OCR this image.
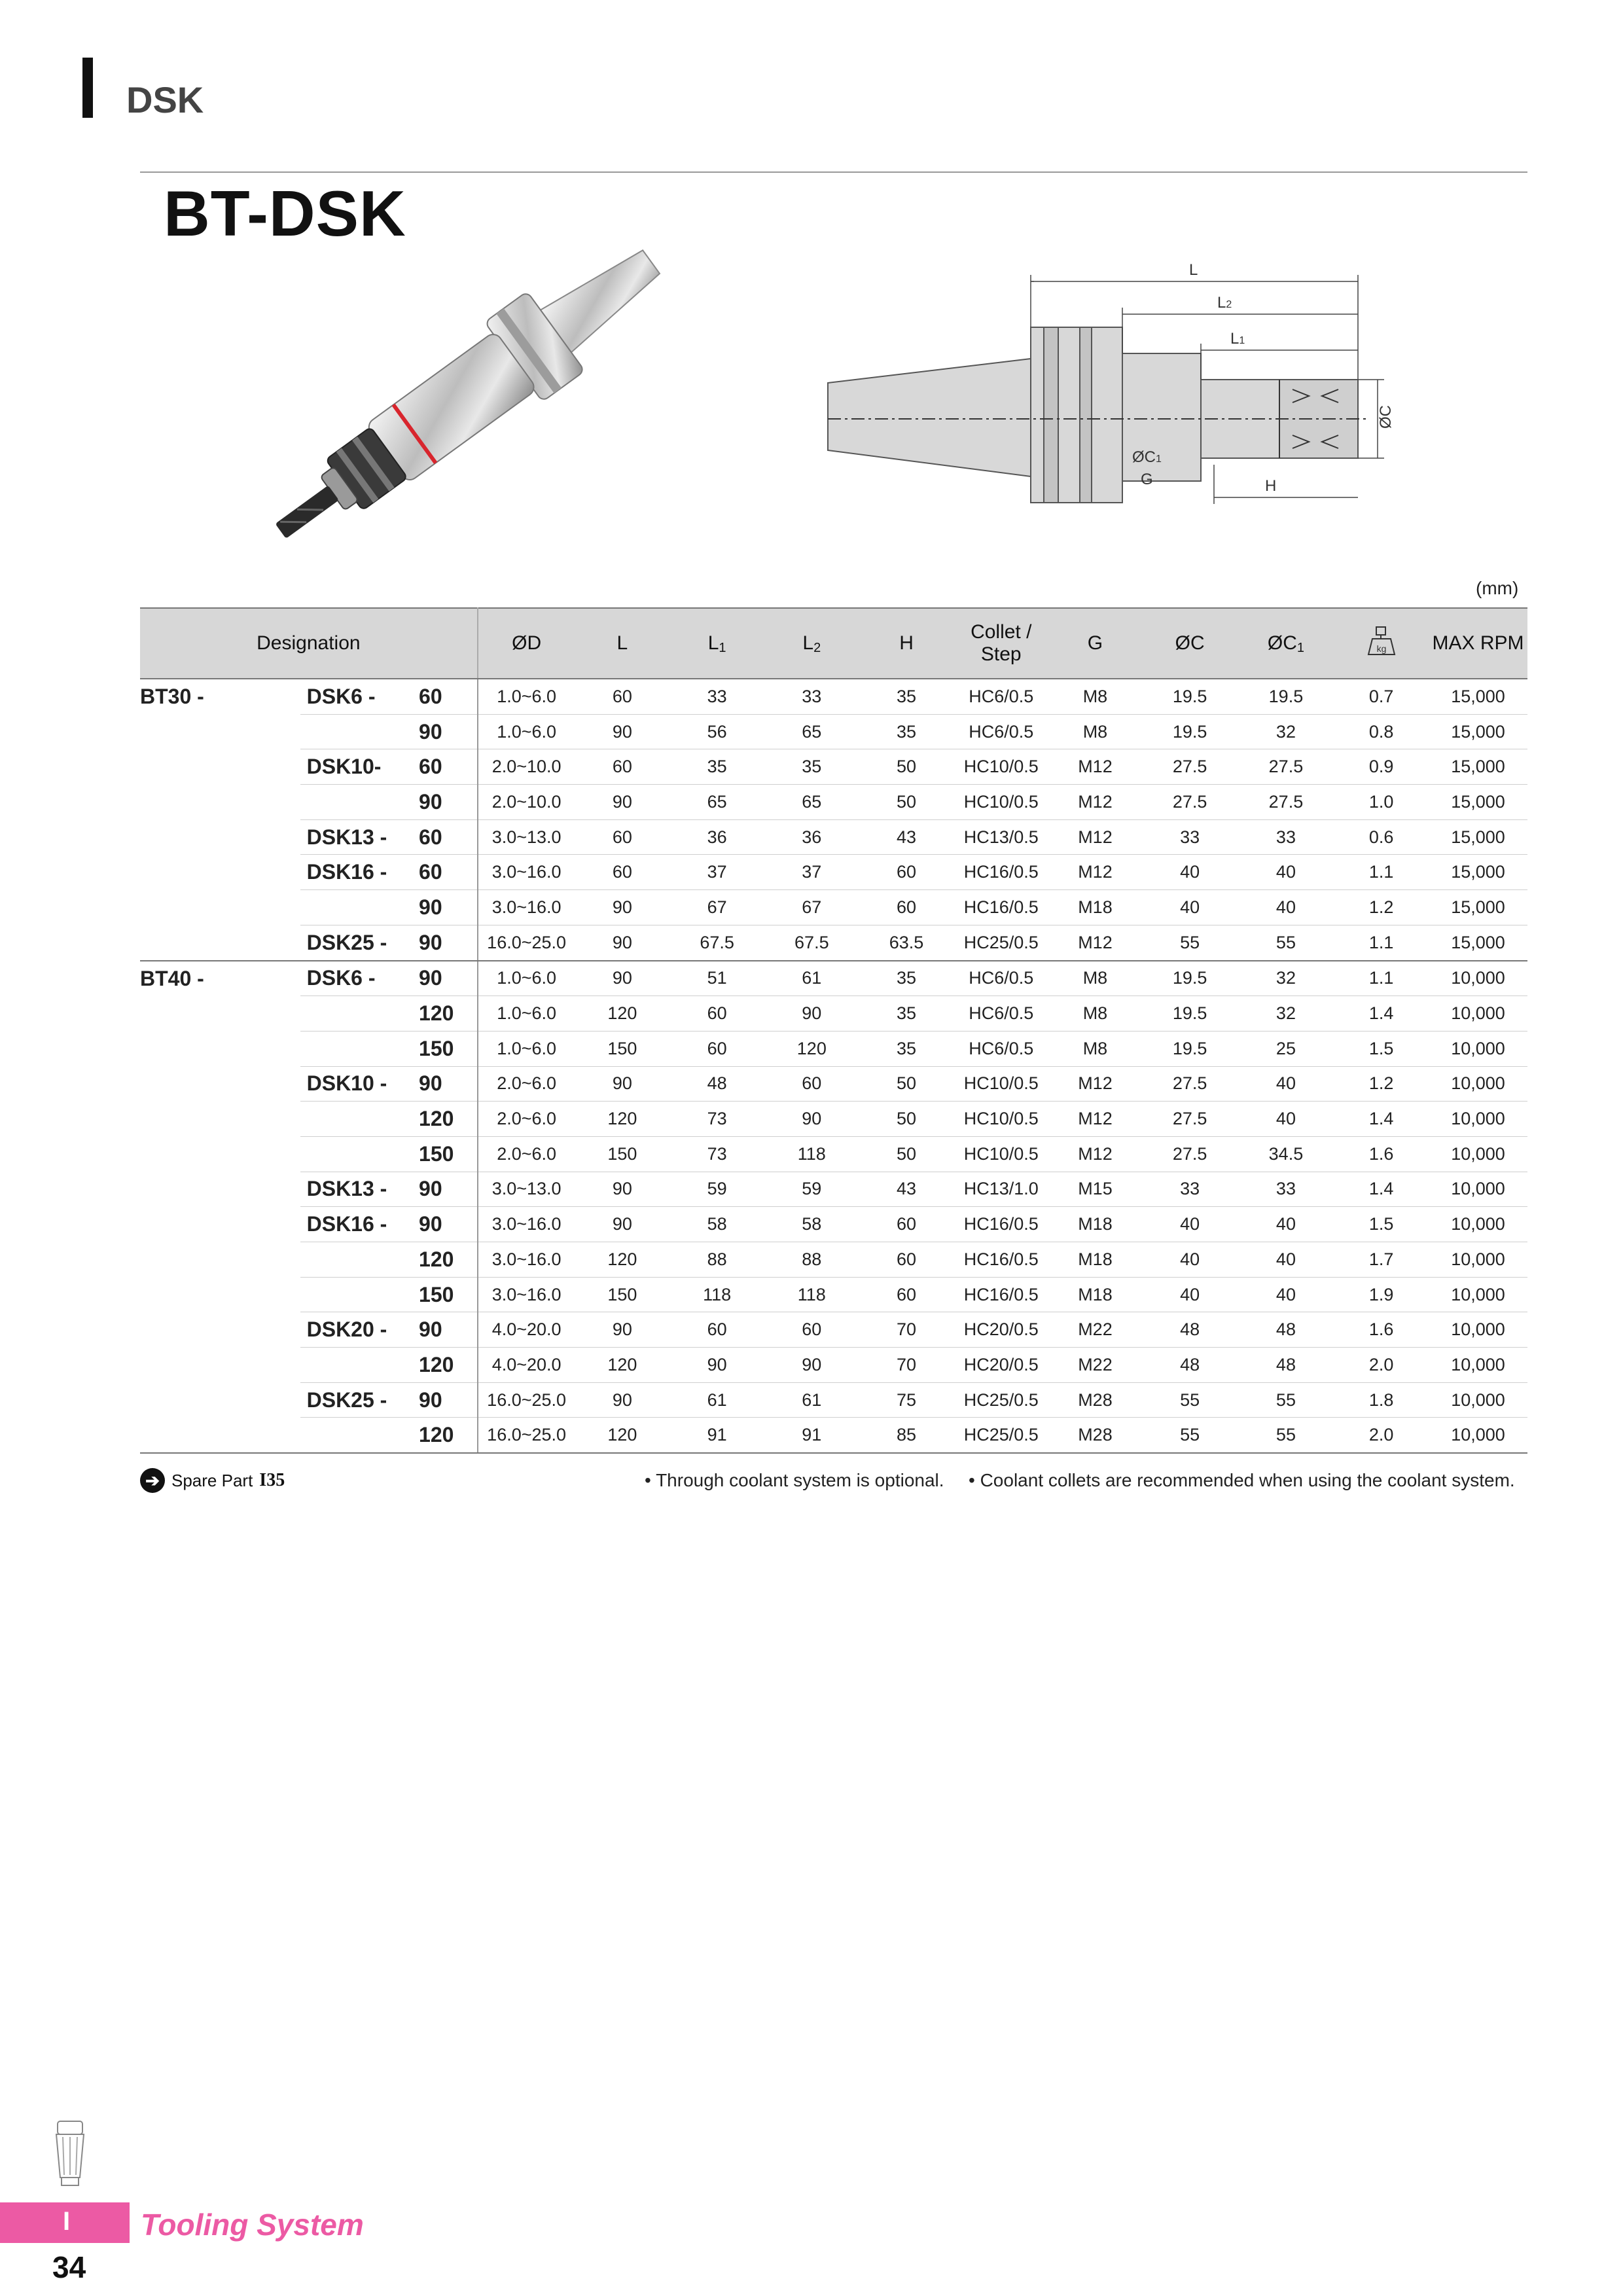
DSK
BT-DSK
L
L2
L1
ØC
ØC1
G	H
(mm)
Designation			ØD	L	L1	L2	H	Collet /
Step	G	ØC	ØC1	kg	MAX RPM
BT30 -	DSK6 -	60	1.0~6.0	60	33	33	35	HC6/0.5	M8	19.5	19.5	0.7	15,000
		90	1.0~6.0	90	56	65	35	HC6/0.5	M8	19.5	32	0.8	15,000
	DSK10-	60	2.0~10.0	60	35	35	50	HC10/0.5	M12	27.5	27.5	0.9	15,000
		90	2.0~10.0	90	65	65	50	HC10/0.5	M12	27.5	27.5	1.0	15,000
	DSK13 -	60	3.0~13.0	60	36	36	43	HC13/0.5	M12	33	33	0.6	15,000
	DSK16 -	60	3.0~16.0	60	37	37	60	HC16/0.5	M12	40	40	1.1	15,000
		90	3.0~16.0	90	67	67	60	HC16/0.5	M18	40	40	1.2	15,000
	DSK25 -	90	16.0~25.0	90	67.5	67.5	63.5	HC25/0.5	M12	55	55	1.1	15,000
BT40 -	DSK6 -	90	1.0~6.0	90	51	61	35	HC6/0.5	M8	19.5	32	1.1	10,000
		120	1.0~6.0	120	60	90	35	HC6/0.5	M8	19.5	32	1.4	10,000
		150	1.0~6.0	150	60	120	35	HC6/0.5	M8	19.5	25	1.5	10,000
	DSK10 -	90	2.0~6.0	90	48	60	50	HC10/0.5	M12	27.5	40	1.2	10,000
		120	2.0~6.0	120	73	90	50	HC10/0.5	M12	27.5	40	1.4	10,000
		150	2.0~6.0	150	73	118	50	HC10/0.5	M12	27.5	34.5	1.6	10,000
	DSK13 -	90	3.0~13.0	90	59	59	43	HC13/1.0	M15	33	33	1.4	10,000
	DSK16 -	90	3.0~16.0	90	58	58	60	HC16/0.5	M18	40	40	1.5	10,000
		120	3.0~16.0	120	88	88	60	HC16/0.5	M18	40	40	1.7	10,000
		150	3.0~16.0	150	118	118	60	HC16/0.5	M18	40	40	1.9	10,000
	DSK20 -	90	4.0~20.0	90	60	60	70	HC20/0.5	M22	48	48	1.6	10,000
		120	4.0~20.0	120	90	90	70	HC20/0.5	M22	48	48	2.0	10,000
	DSK25 -	90	16.0~25.0	90	61	61	75	HC25/0.5	M28	55	55	1.8	10,000
		120	16.0~25.0	120	91	91	85	HC25/0.5	M28	55	55	2.0	10,000
➔ Spare Part I35	• Through coolant system is optional. • Coolant collets are recommended when using the coolant system.
I Tooling System
34
